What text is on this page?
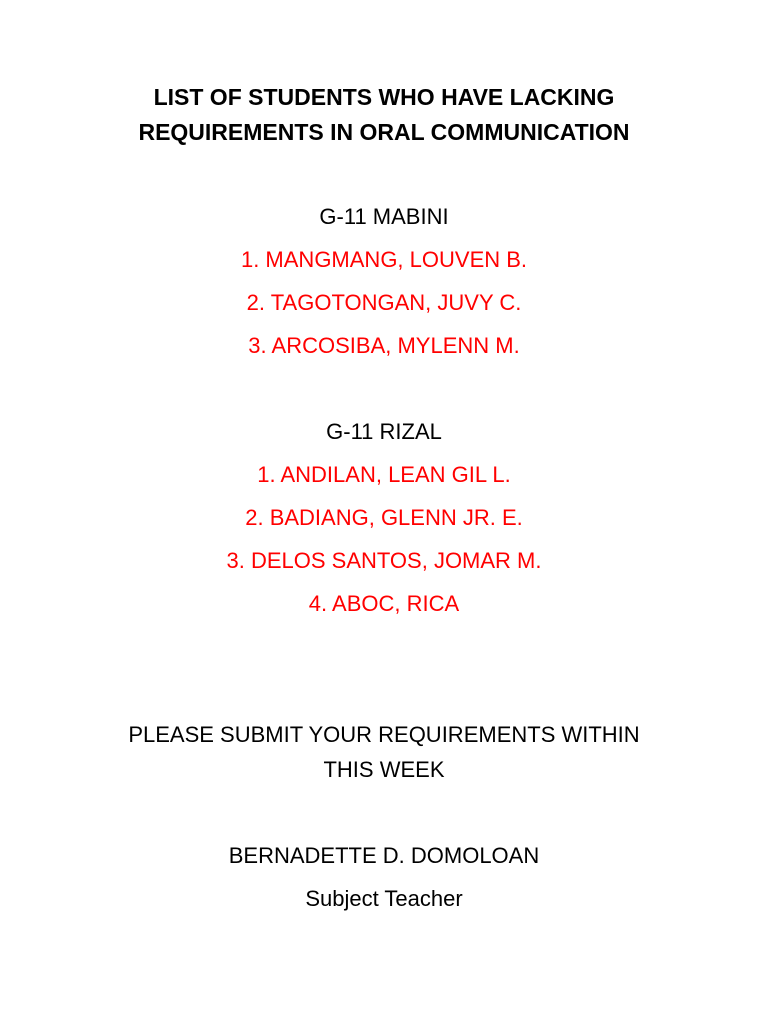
LIST OF STUDENTS WHO HAVE LACKING
REQUIREMENTS IN ORAL COMMUNICATION
G-11 MABINI
1. MANGMANG, LOUVEN B.
2. TAGOTONGAN, JUVY C.
3. ARCOSIBA, MYLENN M.
G-11 RIZAL
1. ANDILAN, LEAN GIL L.
2. BADIANG, GLENN JR. E.
3. DELOS SANTOS, JOMAR M.
4. ABOC, RICA
PLEASE SUBMIT YOUR REQUIREMENTS WITHIN
THIS WEEK
BERNADETTE D. DOMOLOAN
Subject Teacher
